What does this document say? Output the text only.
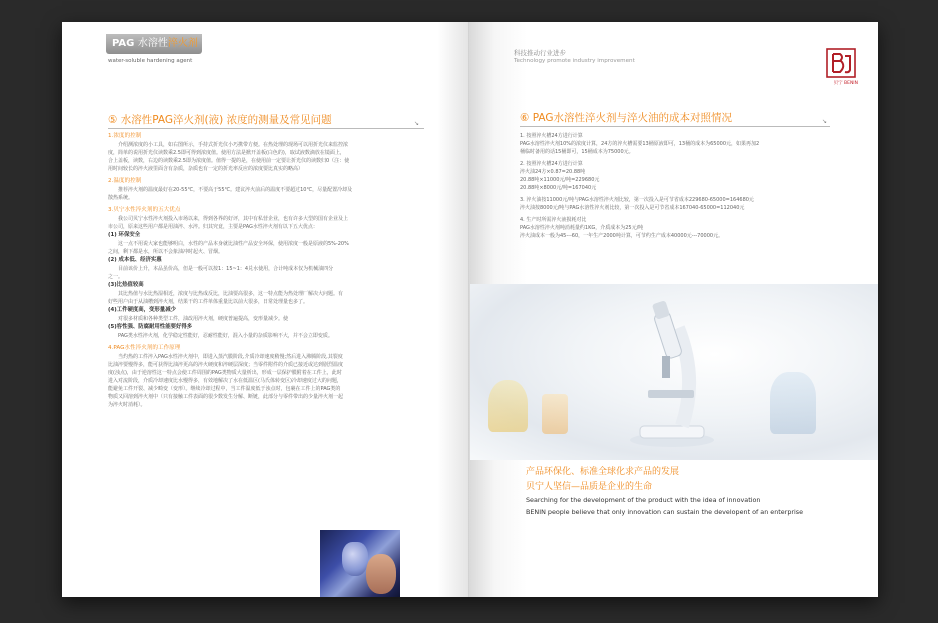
PAG 水溶性淬火剂
water-soluble hardening agent
⑤ 水溶性PAG淬火剂(液) 浓度的测量及常见问题	↘
1.浓度的控制
介绍测浓度的小工具，如右图所示，手持式折光仪小巧携带方便。在热处理的现场可以用折光仪来监控浓
度，简单的说用折光仪读数乘2.5即可得到浓度值。使用方法是掀开盖板(白色的)，取试液数滴放在镜面上，
合上盖板，读数，右边的读数乘2.5即为浓度值。值得一提的是，在使用前一定要让折光仪的读数归0（注：使
用时间较长的淬火液里面含有杂质，杂质也有一定的折光率反应的浓度要比真实的略高）
2.温度的控制
推荐淬火剂的温度最好在20-55℃，不要高于55℃。建议淬火前后的温度不要超过10℃，尽量配置冷却及
散热系统。
3.贝宁水性淬火剂的五大优点
我公司贝宁水性淬火剂投入市场以来，得到各界的好评，其中有私营企业，也有许多大型的国有企业及上
市公司，原来这些用户都是用油淬、水淬。归其究竟，主要是PAG水性淬火剂有以下五大优点：
(1) 环保安全
这一点不用说大家也能够明白，水性的产品本身就比油性产品安全环保，使用浓度一般是原液的5%-20%
之间，剩下都是水，所以不会象油冲时起火、冒烟。
(2) 成本低、经济实惠
目前该价上升，本品虽价高，但是一般可以按1：15~1：4兑水使用，合计吨成本仅为机械油四分
之一。
(3)比热值较高
其比热值与水比热湿相近，浓度与比热成反比，比油要高很多，这一特点能为热处理厂解决大问题。有
好些用户由于从油槽到淬火剂，结果干的工件单体重量比以前大很多，日常处理量也多了。
(4)工件硬度高，变形量减少
对很多材质和各种类型工件，油改用淬火剂，硬度普遍提高，变形量减少。使
(5)容性强、防腐耐用性能要好得多
PAG类水性淬火剂，化学稳定性能好，忍耐性能好，混入小量的杂质影响不大，并不会立即变质。
4.PAG水性淬火剂的工作原理
当灼热的工件淬入PAG水性淬火剂中，即进入蒸汽膜阶段,介质冷却速度稍慢;然后进入沸腾阶段,其裂度
比油淬要慢得多，能可获得比油淬更高的淬火硬度和淬硬层深度；当零件附件的介质已接近或达到剧烈温度
度(浊点)，由于逆溶性这一特点会使工件周围的PAG类物质大量析出，形成一层保护膜附着在工件上，此时
进入对流阶段，介质冷却速度比水慢得多，有效地解决了水在低温区(马氏体转变区)冷却速度过大的问题，
能避免工件开裂、减少畸变（变形）。继续冷却过程中，当工件温度低于浊点时，包裹在工件上的PAG类的
物质又回溶到淬火剂中（只有接触工件表面的很少数发生分解、断链，此部分与零件带出的少量淬火剂一起
为淬火时消耗）。
科技推动行业进步
Technology promote industry improvement
贝宁 BENIN
⑥ PAG水溶性淬火剂与淬火油的成本对照情况	↘
1. 按照淬火槽24方进行计算
PAG水溶性淬火剂10%的浓度计算，24方的淬火槽需要13桶原液即可，13桶的成本为65000元，如果再加2
桶临时备用的话15桶即可，15桶成本为75000元。
2. 按照淬火槽24方进行计算
淬火油24方×0.87=20.88吨
20.88吨×11000元/吨=229680元
20.88吨×8000元/吨=167040元
3. 淬火油按11000元/吨与PAG水溶性淬火剂比较，第一次投入是可节省成本229680-65000=164680元
淬火油按8000元/吨与PAG水溶性淬火剂比较，第一次投入是可节省成本167040-65000=112040元
4. 生产时所需淬火液损耗对比
PAG水溶性淬火剂吨消耗量约1KG，介质成本为25元/吨
淬火油成本一般为45---60，一年生产2000吨计算，可节约生产成本40000元---70000元。
产品环保化、标准全球化求产品的发展
贝宁人坚信—品质是企业的生命
Searching for the development of the product with the idea of innovation
BENIN people believe that only innovation can sustain the developent of an enterprise
